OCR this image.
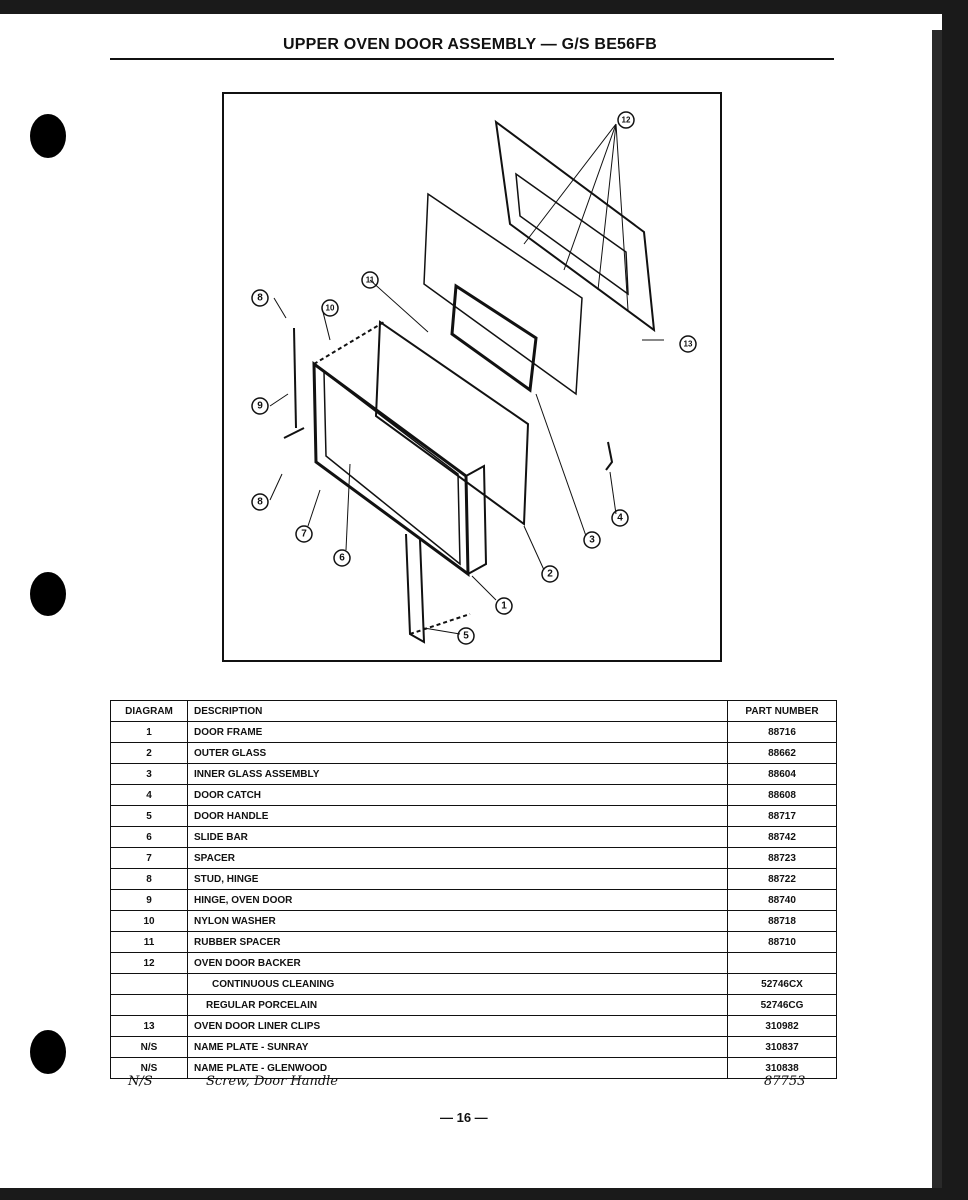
UPPER OVEN DOOR ASSEMBLY — G/S BE56FB
1
2
3
4
5
6
7
8
9
8
10
11
12
13
DIAGRAM	DESCRIPTION	PART NUMBER
1	DOOR FRAME	88716
2	OUTER GLASS	88662
3	INNER GLASS ASSEMBLY	88604
4	DOOR CATCH	88608
5	DOOR HANDLE	88717
6	SLIDE BAR	88742
7	SPACER	88723
8	STUD, HINGE	88722
9	HINGE, OVEN DOOR	88740
10	NYLON WASHER	88718
11	RUBBER SPACER	88710
12	OVEN DOOR BACKER	
	CONTINUOUS CLEANING	52746CX
	REGULAR PORCELAIN	52746CG
13	OVEN DOOR LINER CLIPS	310982
N/S	NAME PLATE - SUNRAY	310837
N/S	NAME PLATE - GLENWOOD	310838
N/S	Screw, Door Handle	87753
— 16 —
